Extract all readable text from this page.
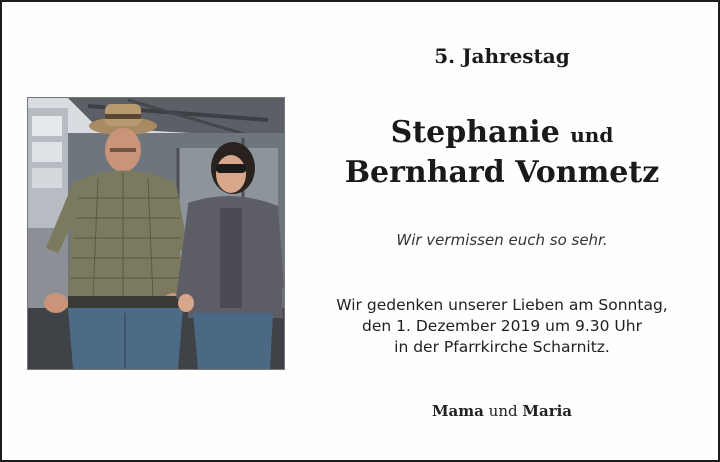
5. Jahrestag
Stephanie und
Bernhard Vonmetz
Wir vermissen euch so sehr.
Wir gedenken unserer Lieben am Sonntag,
den 1. Dezember 2019 um 9.30 Uhr
in der Pfarrkirche Scharnitz.
Mama und Maria
